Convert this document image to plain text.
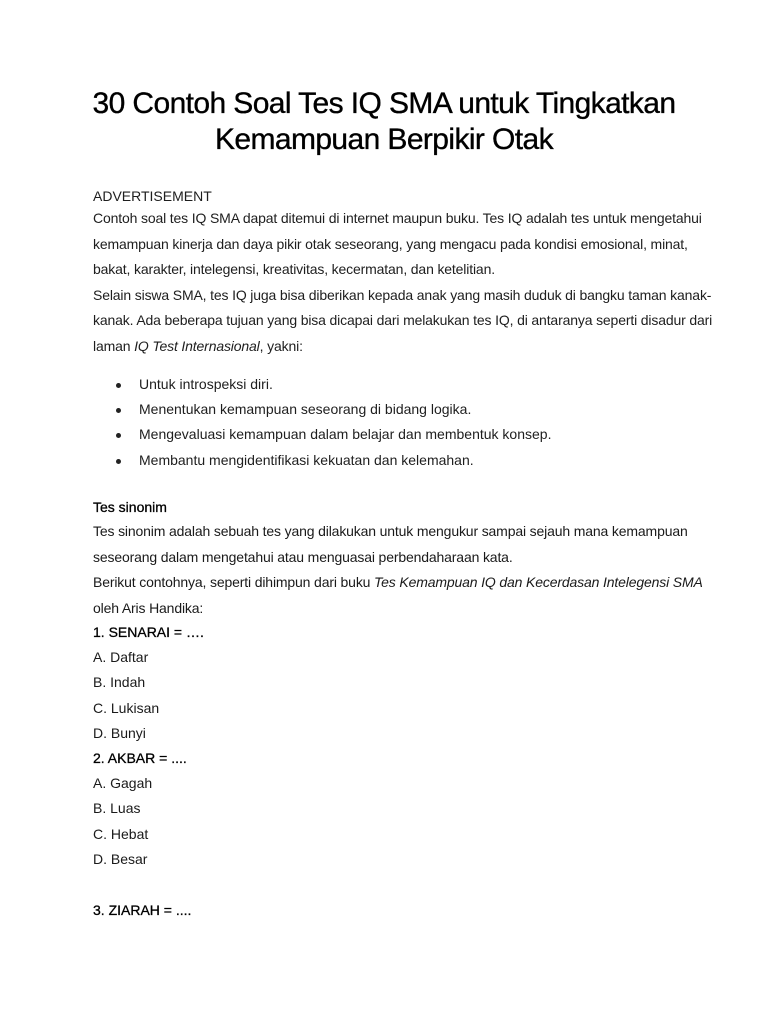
30 Contoh Soal Tes IQ SMA untuk Tingkatkan
Kemampuan Berpikir Otak
ADVERTISEMENT
Contoh soal tes IQ SMA dapat ditemui di internet maupun buku. Tes IQ adalah tes untuk mengetahui
kemampuan kinerja dan daya pikir otak seseorang, yang mengacu pada kondisi emosional, minat,
bakat, karakter, intelegensi, kreativitas, kecermatan, dan ketelitian.
Selain siswa SMA, tes IQ juga bisa diberikan kepada anak yang masih duduk di bangku taman kanak-
kanak. Ada beberapa tujuan yang bisa dicapai dari melakukan tes IQ, di antaranya seperti disadur dari
laman IQ Test Internasional, yakni:
Untuk introspeksi diri.
Menentukan kemampuan seseorang di bidang logika.
Mengevaluasi kemampuan dalam belajar dan membentuk konsep.
Membantu mengidentifikasi kekuatan dan kelemahan.
Tes sinonim
Tes sinonim adalah sebuah tes yang dilakukan untuk mengukur sampai sejauh mana kemampuan
seseorang dalam mengetahui atau menguasai perbendaharaan kata.
Berikut contohnya, seperti dihimpun dari buku Tes Kemampuan IQ dan Kecerdasan Intelegensi SMA
oleh Aris Handika:
1. SENARAI = ….
A. Daftar
B. Indah
C. Lukisan
D. Bunyi
2. AKBAR = ....
A. Gagah
B. Luas
C. Hebat
D. Besar
3. ZIARAH = ....
